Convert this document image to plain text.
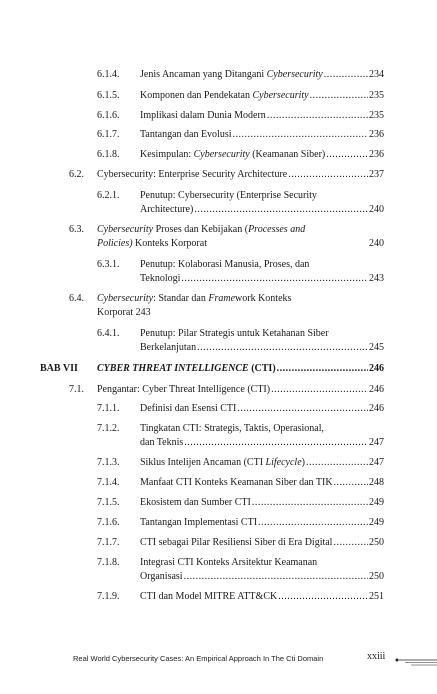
6.1.4. Jenis Ancaman yang Ditangani Cybersecurity .....	234
6.1.5. Komponen dan Pendekatan Cybersecurity .....	235
6.1.6. Implikasi dalam Dunia Modern .....	235
6.1.7. Tantangan dan Evolusi .....	236
6.1.8. Kesimpulan: Cybersecurity (Keamanan Siber) .....	236
6.2. Cybersecurity: Enterprise Security Architecture .....	237
6.2.1. Penutup: Cybersecurity (Enterprise Security
Architecture) .....	240
6.3. Cybersecurity Proses dan Kebijakan (Processes and
Policies) Konteks Korporat	240
6.3.1. Penutup: Kolaborasi Manusia, Proses, dan
Teknologi .....	243
6.4. Cybersecurity: Standar dan Framework Konteks
Korporat 243
6.4.1. Penutup: Pilar Strategis untuk Ketahanan Siber
Berkelanjutan .....	245
BAB VII CYBER THREAT INTELLIGENCE (CTI) .....	246
7.1. Pengantar: Cyber Threat Intelligence (CTI) .....	246
7.1.1. Definisi dan Esensi CTI .....	246
7.1.2. Tingkatan CTI: Strategis, Taktis, Operasional,
dan Teknis .....	247
7.1.3. Siklus Intelijen Ancaman (CTI Lifecycle) .....	247
7.1.4. Manfaat CTI Konteks Keamanan Siber dan TIK .....	248
7.1.5. Ekosistem dan Sumber CTI .....	249
7.1.6. Tantangan Implementasi CTI .....	249
7.1.7. CTI sebagai Pilar Resiliensi Siber di Era Digital .....	250
7.1.8. Integrasi CTI Konteks Arsitektur Keamanan
Organisasi .....	250
7.1.9. CTI dan Model MITRE ATT&CK .....	251
Real World Cybersecurity Cases: An Empirical Approach In The Cti Domain	xxiii
